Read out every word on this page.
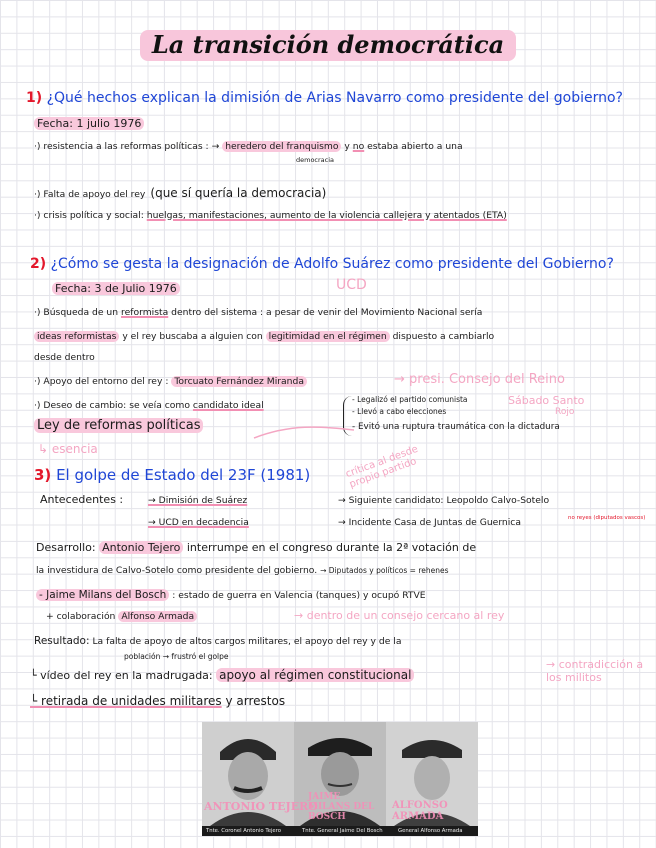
La transición democrática
1) ¿Qué hechos explican la dimisión de Arias Navarro como presidente del gobierno?
Fecha: 1 julio 1976
·) resistencia a las reformas políticas : → heredero del franquismo y no estaba abierto a una
democracia
·) Falta de apoyo del rey (que sí quería la democracia)
·) crisis política y social: huelgas, manifestaciones, aumento de la violencia callejera y atentados (ETA)
2) ¿Cómo se gesta la designación de Adolfo Suárez como presidente del Gobierno?
UCD
Fecha: 3 de Julio 1976
·) Búsqueda de un reformista dentro del sistema : a pesar de venir del Movimiento Nacional sería
ideas reformistas y el rey buscaba a alguien con legitimidad en el régimen dispuesto a cambiarlo
desde dentro
·) Apoyo del entorno del rey : Torcuato Fernández Miranda	→ presi. Consejo del Reino
·) Deseo de cambio: se veía como candidato ideal
- Legalizó el partido comunista
- Llevó a cabo elecciones
- Evitó una ruptura traumática con la dictadura
Sábado Santo
Rojo
Ley de reformas políticas
↳ esencia
3) El golpe de Estado del 23F (1981)	crítica al desde propio partido
Antecedentes :	→ Dimisión de Suárez	→ Siguiente candidato: Leopoldo Calvo-Sotelo
→ UCD en decadencia	→ Incidente Casa de Juntas de Guernica	no reyes (diputados vascos)
Desarrollo: Antonio Tejero interrumpe en el congreso durante la 2ª votación de
la investidura de Calvo-Sotelo como presidente del gobierno. → Diputados y políticos = rehenes
- Jaime Milans del Bosch : estado de guerra en Valencia (tanques) y ocupó RTVE
+ colaboración Alfonso Armada	→ dentro de un consejo cercano al rey
Resultado: La falta de apoyo de altos cargos militares, el apoyo del rey y de la
población → frustró el golpe
└ vídeo del rey en la madrugada: apoyo al régimen constitucional
→ contradicción a los militos
└ retirada de unidades militares y arrestos
ANTONIO TEJERO
JAIME MILANS DEL BOSCH
ALFONSO ARMADA
Tnte. Coronel Antonio Tejero	Tnte. General Jaime Del Bosch	General Alfonso Armada
